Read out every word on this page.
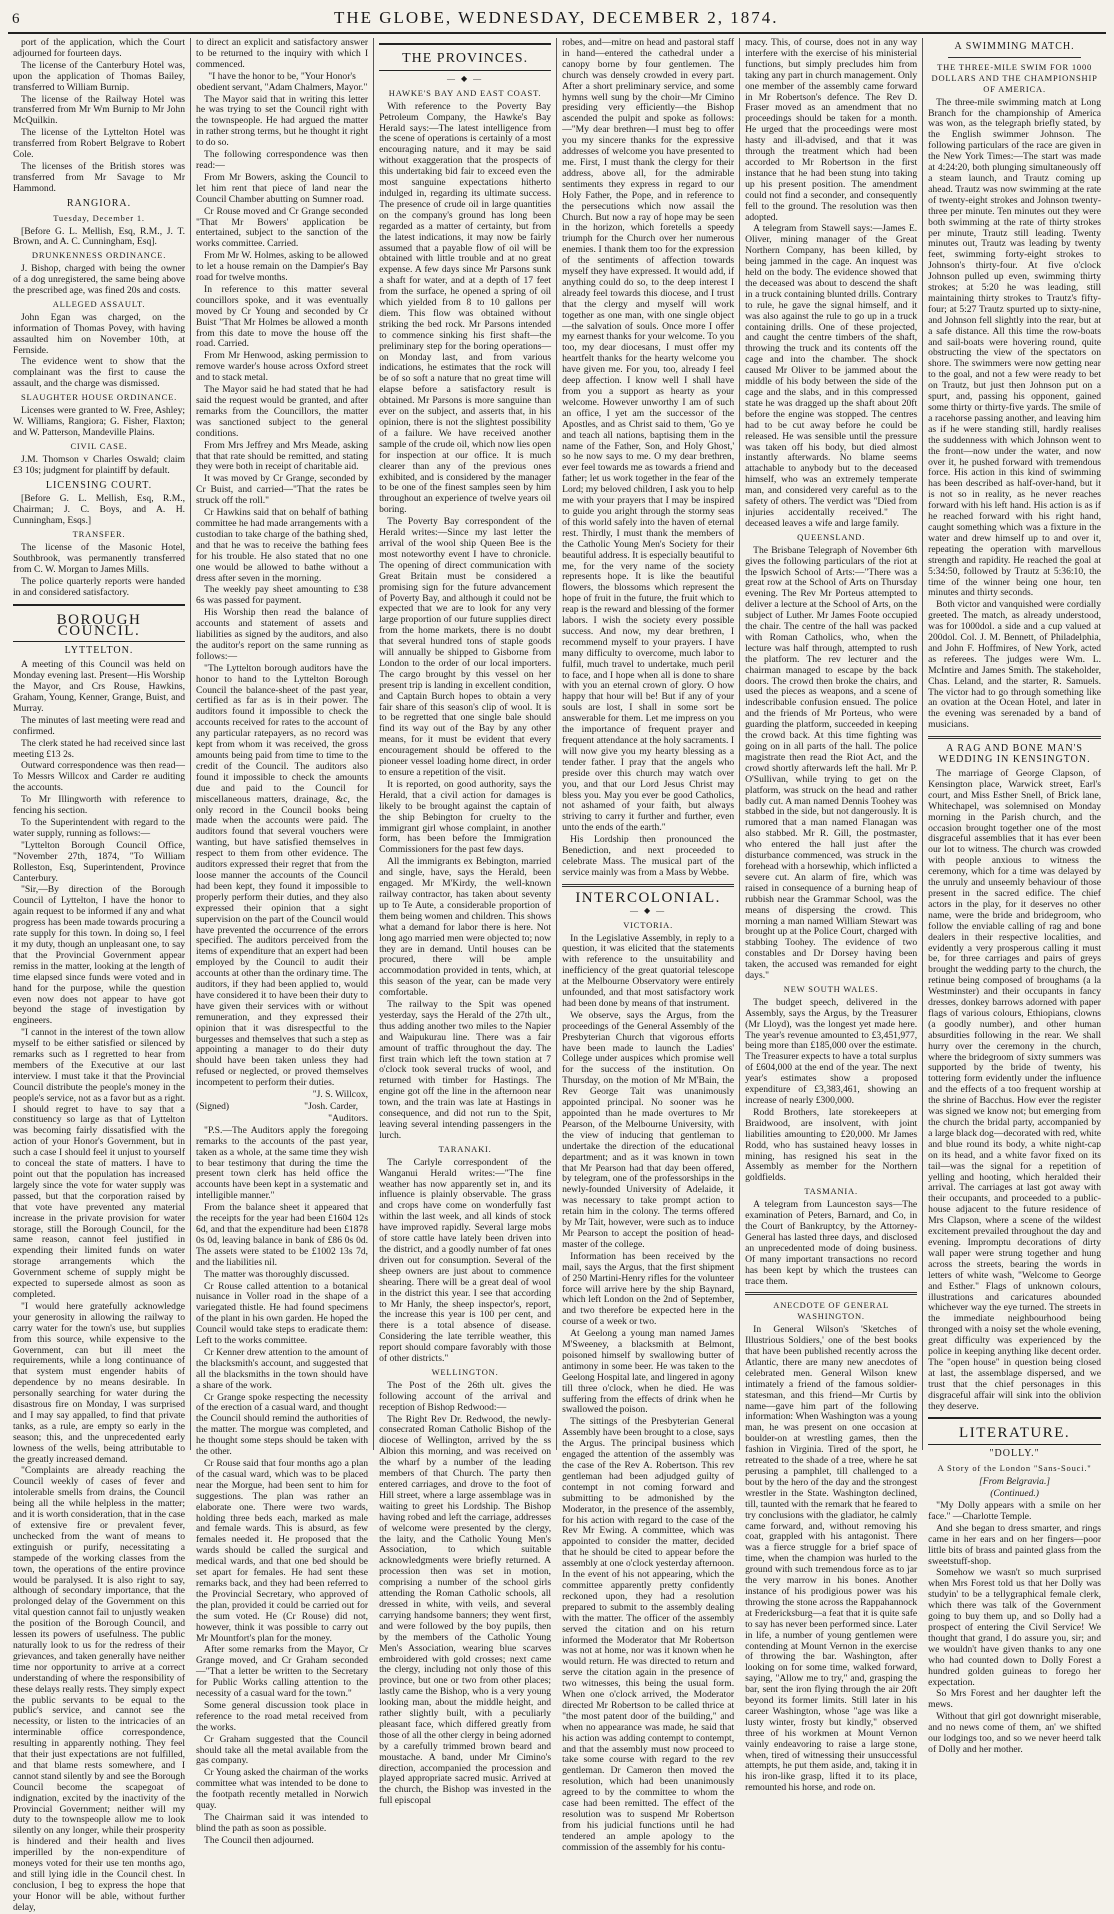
6	THE GLOBE, WEDNESDAY, DECEMBER 2, 1874.

port of the application, which the Court adjourned for fourteen days.

The license of the Canterbury Hotel was, upon the application of Thomas Bailey, transferred to William Burnip.

The license of the Railway Hotel was transferred from Mr Wm Burnip to Mr John McQuilkin.

The license of the Lyttelton Hotel was transferred from Robert Belgrave to Robert Cole.

The licenses of the British stores was transferred from Mr Savage to Mr Hammond.

RANGIORA.
Tuesday, December 1.

[Before G. L. Mellish, Esq, R.M., J. T. Brown, and A. C. Cunningham, Esq].

DRUNKENNESS ORDINANCE.

J. Bishop, charged with being the owner of a dog unregistered, the same being above the prescribed age, was fined 20s and costs.

ALLEGED ASSAULT.

John Egan was charged, on the information of Thomas Povey, with having assaulted him on November 10th, at Fernside.

The evidence went to show that the complainant was the first to cause the assault, and the charge was dismissed.

SLAUGHTER HOUSE ORDINANCE.

Licenses were granted to W. Free, Ashley; W. Williams, Rangiora; G. Fisher, Flaxton; and W. Patterson, Mandeville Plains.

CIVIL CASE.

J.M. Thomson v Charles Oswald; claim £3 10s; judgment for plaintiff by default.

LICENSING COURT.

[Before G. L. Mellish, Esq, R.M., Chairman; J. C. Boys, and A. H. Cunningham, Esqs.]

TRANSFER.

The license of the Masonic Hotel, Southbrook, was permanently transferred from C. W. Morgan to James Mills.

The police quarterly reports were handed in and considered satisfactory.

BOROUGH COUNCIL.
LYTTELTON.

A meeting of this Council was held on Monday evening last. Present—His Worship the Mayor, and Crs Rouse, Hawkins, Graham, Young, Kenner, Grange, Buist, and Murray.

The minutes of last meeting were read and confirmed.

The clerk stated he had received since last meeting £13 2s.

Outward correspondence was then read—To Messrs Willcox and Carder re auditing the accounts.

To Mr Illingworth with reference to fencing his section.

To the Superintendent with regard to the water supply, running as follows:—

"Lyttelton Borough Council Office, "November 27th, 1874, "To William Rolleston, Esq, Superintendent, Province Canterbury.

"Sir,—By direction of the Borough Council of Lyttelton, I have the honor to again request to be informed if any and what progress has been made towards procuring a rate supply for this town. In doing so, I feel it my duty, though an unpleasant one, to say that the Provincial Government appear remiss in the matter, looking at the length of time elapsed since funds were voted and in hand for the purpose, while the question even now does not appear to have got beyond the stage of investigation by engineers.

"I cannot in the interest of the town allow myself to be either satisfied or silenced by remarks such as I regretted to hear from members of the Executive at our last interview. I must take it that the Provincial Council distribute the people's money in the people's service, not as a favor but as a right. I should regret to have to say that a constituency so large as that of Lyttelton was becoming fairly dissatisfied with the action of your Honor's Government, but in such a case I should feel it unjust to yourself to conceal the state of matters. I have to point out that the population has increased largely since the vote for water supply was passed, but that the corporation raised by that vote have prevented any material increase in the private provision for water storage, still the Borough Council, for the same reason, cannot feel justified in expending their limited funds on water storage arrangements which the Government scheme of supply might be expected to supersede almost as soon as completed.

"I would here gratefully acknowledge your generosity in allowing the railway to carry water for the town's use, but supplies from this source, while expensive to the Government, can but ill meet the requirements, while a long continuance of that system must engender habits of dependence by no means desirable. In personally searching for water during the disastrous fire on Monday, I was surprised and I may say appalled, to find that private tanks, as a rule, are empty so early in the season; this, and the unprecedented early lowness of the wells, being attributable to the greatly increased demand.

"Complaints are already reaching the Council weekly of cases of fever and intolerable smells from drains, the Council being all the while helpless in the matter; and it is worth consideration, that in the case of extensive fire or prevalent fever, unchecked from the want of means to extinguish or purify, necessitating a stampede of the working classes from the town, the operations of the entire province would be paralysed. It is also right to say, although of secondary importance, that the prolonged delay of the Government on this vital question cannot fail to unjustly weaken the position of the Borough Council, and lessen its powers of usefulness. The public naturally look to us for the redress of their grievances, and taken generally have neither time nor opportunity to arrive at a correct understanding of where the responsibility of these delays really rests. They simply expect the public servants to be equal to the public's service, and cannot see the necessity, or listen to the intricacies of an interminable office correspondence, resulting in apparently nothing. They feel that their just expectations are not fulfilled, and that blame rests somewhere, and I cannot stand silently by and see the Borough Council become the scapegoat of indignation, excited by the inactivity of the Provincial Government; neither will my duty to the townspeople allow me to look silently on any longer, while their prosperity is hindered and their health and lives imperilled by the non-expenditure of moneys voted for their use ten months ago, and still lying idle in the Council chest. In conclusion, I beg to express the hope that your Honor will be able, without further delay,

to direct an explicit and satisfactory answer to be returned to the inquiry with which I commenced.

"I have the honor to be, "Your Honor's obedient servant, "Adam Chalmers, Mayor."

The Mayor said that in writing this letter he was trying to set the Council right with the townspeople. He had argued the matter in rather strong terms, but he thought it right to do so.

The following correspondence was then read:—

From Mr Bowers, asking the Council to let him rent that piece of land near the Council Chamber abutting on Sumner road.

Cr Rouse moved and Cr Grange seconded "That Mr Bowers' application be entertained, subject to the sanction of the works committee. Carried.

From Mr W. Holmes, asking to be allowed to let a house remain on the Dampier's Bay road for twelve months.

In reference to this matter several councillors spoke, and it was eventually moved by Cr Young and seconded by Cr Buist "That Mr Holmes be allowed a month from this date to move the house off the road. Carried.

From Mr Henwood, asking permission to remove warder's house across Oxford street and to stack metal.

The Mayor said he had stated that he had said the request would be granted, and after remarks from the Councillors, the matter was sanctioned subject to the general conditions.

From Mrs Jeffrey and Mrs Meade, asking that that rate should be remitted, and stating they were both in receipt of charitable aid.

It was moved by Cr Grange, seconded by Cr Buist, and carried—"That the rates be struck off the roll."

Cr Hawkins said that on behalf of bathing committee he had made arrangements with a custodian to take charge of the bathing shed, and that he was to receive the bathing fees for his trouble. He also stated that no one one would be allowed to bathe without a dress after seven in the morning.

The weekly pay sheet amounting to £38 6s was passed for payment.

His Worship then read the balance of accounts and statement of assets and liabilities as signed by the auditors, and also the auditor's report on the same running as follows:—

"The Lyttelton borough auditors have the honor to hand to the Lyttelton Borough Council the balance-sheet of the past year, certified as far as is in their power. The auditors found it impossible to check the accounts received for rates to the account of any particular ratepayers, as no record was kept from whom it was received, the gross amounts being paid from time to time to the credit of the Council. The auditors also found it impossible to check the amounts due and paid to the Council for miscellaneous matters, drainage, &c, the only record in the Council books being made when the accounts were paid. The auditors found that several vouchers were wanting, but have satisfied themselves in respect to them from other evidence. The auditors expressed their regret that from the loose manner the accounts of the Council had been kept, they found it impossible to properly perform their duties, and they also expressed their opinion that a sight supervision on the part of the Council would have prevented the occurrence of the errors specified. The auditors perceived from the items of expenditure that an expert had been employed by the Council to audit their accounts at other than the ordinary time. The auditors, if they had been applied to, would have considered it to have been their duty to have given their services with or without remuneration, and they expressed their opinion that it was disrespectful to the burgesses and themselves that such a step as appointing a manager to do their duty should have been taken unless they had refused or neglected, or proved themselves incompetent to perform their duties.

"J. S. Willcox,

(Signed)	"Josh. Carder,

"Auditors.

"P.S.—The Auditors apply the foregoing remarks to the accounts of the past year, taken as a whole, at the same time they wish to bear testimony that during the time the present town clerk has held office the accounts have been kept in a systematic and intelligible manner."

From the balance sheet it appeared that the receipts for the year had been £1604 12s 6d, and that the expenditure had been £1878 0s 0d, leaving balance in bank of £86 0s 0d. The assets were stated to be £1002 13s 7d, and the liabilities nil.

The matter was thoroughly discussed.

Cr Rouse called attention to a botanical nuisance in Voller road in the shape of a variegated thistle. He had found specimens of the plant in his own garden. He hoped the Council would take steps to eradicate them: Left to the works committee.

Cr Kenner drew attention to the amount of the blacksmith's account, and suggested that all the blacksmiths in the town should have a share of the work.

Cr Grange spoke respecting the necessity of the erection of a casual ward, and thought the Council should remind the authorities of the matter. The morgue was completed, and he thought some steps should be taken with the other.

Cr Rouse said that four months ago a plan of the casual ward, which was to be placed near the Morgue, had been sent to him for suggestions. The plan was rather an elaborate one. There were two wards, holding three beds each, marked as male and female wards. This is absurd, as few females needed it. He proposed that the wards should be called the surgical and medical wards, and that one bed should be set apart for females. He had sent these remarks back, and they had been referred to the Provincial Secretary, who approved of the plan, provided it could be carried out for the sum voted. He (Cr Rouse) did not, however, think it was possible to carry out Mr Mountfort's plan for the money.

After some remarks from the Mayor, Cr Grange moved, and Cr Graham seconded—"That a letter be written to the Secretary for Public Works calling attention to the necessity of a casual ward for the town."

Some general discussion took place in reference to the road metal received from the works.

Cr Graham suggested that the Council should take all the metal available from the gas company.

Cr Young asked the chairman of the works committee what was intended to be done to the footpath recently metalled in Norwich quay.

The Chairman said it was intended to blind the path as soon as possible.

The Council then adjourned.

THE PROVINCES.
— ◆ —
HAWKE'S BAY AND EAST COAST.

With reference to the Poverty Bay Petroleum Company, the Hawke's Bay Herald says:—The latest intelligence from the scene of operations is certainly of a most encouraging nature, and it may be said without exaggeration that the prospects of this undertaking bid fair to exceed even the most sanguine expectations hitherto indulged in, regarding its ultimate success. The presence of crude oil in large quantities on the company's ground has long been regarded as a matter of certainty, but from the latest indications, it may now be fairly assumed that a payable flow of oil will be obtained with little trouble and at no great expense. A few days since Mr Parsons sunk a shaft for water, and at a depth of 17 feet from the surface, he opened a spring of oil which yielded from 8 to 10 gallons per diem. This flow was obtained without striking the bed rock. Mr Parsons intended to commence sinking his first shaft—the preliminary step for the boring operations—on Monday last, and from various indications, he estimates that the rock will be of so soft a nature that no great time will elapse before a satisfactory result is obtained. Mr Parsons is more sanguine than ever on the subject, and asserts that, in his opinion, there is not the slightest possibility of a failure. We have received another sample of the crude oil, which now lies open for inspection at our office. It is much clearer than any of the previous ones exhibited, and is considered by the manager to be one of the finest samples seen by him throughout an experience of twelve years oil boring.

The Poverty Bay correspondent of the Herald writes:—Since my last letter the arrival of the wool ship Queen Bee is the most noteworthy event I have to chronicle. The opening of direct communication with Great Britain must be considered a promising sign for the future advancement of Poverty Bay, and although it could not be expected that we are to look for any very large proportion of our future supplies direct from the home markets, there is no doubt that several hundred tons of staple goods will annually be shipped to Gisborne from London to the order of our local importers. The cargo brought by this vessel on her present trip is landing in excellent condition, and Captain Burch hopes to obtain a very fair share of this season's clip of wool. It is to be regretted that one single bale should find its way out of the Bay by any other means, for it must be evident that every encouragement should be offered to the pioneer vessel loading home direct, in order to ensure a repetition of the visit.

It is reported, on good authority, says the Herald, that a civil action for damages is likely to be brought against the captain of the ship Bebington for cruelty to the immigrant girl whose complaint, in another form, has been before the Immigration Commissioners for the past few days.

All the immigrants ex Bebington, married and single, have, says the Herald, been engaged. Mr M'Kirdy, the well-known railway contractor, has taken about seventy up to Te Aute, a considerable proportion of them being women and children. This shows what a demand for labor there is here. Not long ago married men were objected to; now they are in demand. Until houses can be procured, there will be ample accommodation provided in tents, which, at this season of the year, can be made very comfortable.

The railway to the Spit was opened yesterday, says the Herald of the 27th ult., thus adding another two miles to the Napier and Waipukurau line. There was a fair amount of traffic throughout the day. The first train which left the town station at 7 o'clock took several trucks of wool, and returned with timber for Hastings. The engine got off the line in the afternoon near town, and the train was late at Hastings in consequence, and did not run to the Spit, leaving several intending passengers in the lurch.

TARANAKI.

The Carlyle correspondent of the Wanganui Herald writes:—"The fine weather has now apparently set in, and its influence is plainly observable. The grass and crops have come on wonderfully fast within the last week, and all kinds of stock have improved rapidly. Several large mobs of store cattle have lately been driven into the district, and a goodly number of fat ones driven out for consumption. Several of the sheep owners are just about to commence shearing. There will be a great deal of wool in the district this year. I see that according to Mr Hanly, the sheep inspector's, report, the increase this year is 100 per cent, and there is a total absence of disease. Considering the late terrible weather, this report should compare favorably with those of other districts."

WELLINGTON.

The Post of the 26th ult. gives the following account of the arrival and reception of Bishop Redwood:—

The Right Rev Dr. Redwood, the newly-consecrated Roman Catholic Bishop of the diocese of Wellington, arrived by the ss Albion this morning, and was received on the wharf by a number of the leading members of that Church. The party then entered carriages, and drove to the foot of Hill street, where a large assemblage was in waiting to greet his Lordship. The Bishop having robed and left the carriage, addresses of welcome were presented by the clergy, the laity, and the Catholic Young Men's Association, to which suitable acknowledgments were briefly returned. A procession then was set in motion, comprising a number of the school girls attending the Roman Catholic schools, all dressed in white, with veils, and several carrying handsome banners; they went first, and were followed by the boy pupils, then by the members of the Catholic Young Men's Association, wearing blue scarves embroidered with gold crosses; next came the clergy, including not only those of this province, but one or two from other places; lastly came the Bishop, who is a very young looking man, about the middle height, and rather slightly built, with a peculiarly pleasant face, which differed greatly from those of all the other clergy in being adorned by a carefully trimmed brown beard and moustache. A band, under Mr Cimino's direction, accompanied the procession and played appropriate sacred music. Arrived at the church, the Bishop was invested in the full episcopal

robes, and—mitre on head and pastoral staff in hand—entered the cathedral under a canopy borne by four gentlemen. The church was densely crowded in every part. After a short preliminary service, and some hymns well sung by the choir—Mr Cimino presiding very efficiently—the Bishop ascended the pulpit and spoke as follows:—"My dear brethren—I must beg to offer you my sincere thanks for the expressive addresses of welcome you have presented to me. First, I must thank the clergy for their address, above all, for the admirable sentiments they express in regard to our Holy Father, the Pope, and in reference to the persecutions which now assail the Church. But now a ray of hope may be seen in the horizon, which foretells a speedy triumph for the Church over her numerous enemies. I thank them too for the expression of the sentiments of affection towards myself they have expressed. It would add, if anything could do so, to the deep interest I already feel towards this diocese, and I trust that the clergy and myself will work together as one man, with one single object—the salvation of souls. Once more I offer my earnest thanks for your welcome. To you too, my dear diocesans, I must offer my heartfelt thanks for the hearty welcome you have given me. For you, too, already I feel deep affection. I know well I shall have from you a support as hearty as your welcome. However unworthy I am of such an office, I yet am the successor of the Apostles, and as Christ said to them, 'Go ye and teach all nations, baptising them in the name of the Father, Son, and Holy Ghost,' so he now says to me. O my dear brethren, ever feel towards me as towards a friend and father; let us work together in the fear of the Lord; my beloved children, I ask you to help me with your prayers that I may be inspired to guide you aright through the stormy seas of this world safely into the haven of eternal rest. Thirdly, I must thank the members of the Catholic Young Men's Society for their beautiful address. It is especially beautiful to me, for the very name of the society represents hope. It is like the beautiful flowers, the blossoms which represent the hope of fruit in the future, the fruit which to reap is the reward and blessing of the former labors. I wish the society every possible success. And now, my dear brethren, I recommend myself to your prayers. I have many difficulty to overcome, much labor to fulfil, much travel to undertake, much peril to face, and I hope when all is done to share with you an eternal crown of glory. O how happy that hour will be! But if any of your souls are lost, I shall in some sort be answerable for them. Let me impress on you the importance of frequent prayer and frequent attendance at the holy sacraments. I will now give you my hearty blessing as a tender father. I pray that the angels who preside over this church may watch over you, and that our Lord Jesus Christ may bless you. May you ever be good Catholics, not ashamed of your faith, but always striving to carry it further and further, even unto the ends of the earth."

His Lordship then pronounced the Benediction, and next proceeded to celebrate Mass. The musical part of the service mainly was from a Mass by Webbe.

INTERCOLONIAL.
— ◆ —
VICTORIA.

In the Legislative Assembly, in reply to a question, it was elicited that the statements with reference to the unsuitability and inefficiency of the great quatorial telescope at the Melbourne Observatory were entirely unfounded, and that most satisfactory work had been done by means of that instrument.

We observe, says the Argus, from the proceedings of the General Assembly of the Presbyterian Church that vigorous efforts have been made to launch the Ladies' College under auspices which promise well for the success of the institution. On Thursday, on the motion of Mr M'Bain, the Rev George Tait was unanimously appointed principal. No sooner was he appointed than he made overtures to Mr Pearson, of the Melbourne University, with the view of inducing that gentleman to undertake the direction of the educational department; and as it was known in town that Mr Pearson had that day been offered, by telegram, one of the professorships in the newly-founded University of Adelaide, it was necessary to take prompt action to retain him in the colony. The terms offered by Mr Tait, however, were such as to induce Mr Pearson to accept the position of head-master of the college.

Information has been received by the mail, says the Argus, that the first shipment of 250 Martini-Henry rifles for the volunteer force will arrive here by the ship Baynard, which left London on the 2nd of September, and two therefore be expected here in the course of a week or two.

At Geelong a young man named James M'Sweeney, a blacksmith at Belmont, poisoned himself by swallowing butter of antimony in some beer. He was taken to the Geelong Hospital late, and lingered in agony till three o'clock, when he died. He was suffering from the effects of drink when he swallowed the poison.

The sittings of the Presbyterian General Assembly have been brought to a close, says the Argus. The principal business which engaged the attention of the assembly was the case of the Rev A. Robertson. This rev gentleman had been adjudged guilty of contempt in not coming forward and submitting to be admonished by the Moderator, in the presence of the assembly, for his action with regard to the case of the Rev Mr Ewing. A committee, which was appointed to consider the matter, decided that he should be cited to appear before the assembly at one o'clock yesterday afternoon. In the event of his not appearing, which the committee apparently pretty confidently reckoned upon, they had a resolution prepared to submit to the assembly dealing with the matter. The officer of the assembly served the citation and on his return informed the Moderator that Mr Robertson was not at home, nor was it known when he would return. He was directed to return and serve the citation again in the presence of two witnesses, this being the usual form. When one o'clock arrived, the Moderator directed Mr Robertson to be called thrice at "the most patent door of the building," and when no appearance was made, he said that his action was adding contempt to contempt, and that the assembly must now proceed to take some course with regard to the rev gentleman. Dr Cameron then moved the resolution, which had been unanimously agreed to by the committee to whom the case had been remitted. The effect of the resolution was to suspend Mr Robertson from his judicial functions until he had tendered an ample apology to the commission of the assembly for his contu-

macy. This, of course, does not in any way interfere with the exercise of his ministerial functions, but simply precludes him from taking any part in church management. Only one member of the assembly came forward in Mr Robertson's defence. The Rev D. Fraser moved as an amendment that no proceedings should be taken for a month. He urged that the proceedings were most hasty and ill-advised, and that it was through the treatment which had been accorded to Mr Robertson in the first instance that he had been stung into taking up his present position. The amendment could not find a seconder, and consequently fell to the ground. The resolution was then adopted.

A telegram from Stawell says:—James E. Oliver, mining manager of the Great Northern Company, has been killed, by being jammed in the cage. An inquest was held on the body. The evidence showed that the deceased was about to descend the shaft in a truck containing blunted drills. Contrary to rule, he gave the signal himself, and it was also against the rule to go up in a truck containing drills. One of these projected, and caught the centre timbers of the shaft, throwing the truck and its contents off the cage and into the chamber. The shock caused Mr Oliver to be jammed about the middle of his body between the side of the cage and the slabs, and in this compressed state he was dragged up the shaft about 20ft before the engine was stopped. The centres had to be cut away before he could be released. He was sensible until the pressure was taken off his body, but died almost instantly afterwards. No blame seems attachable to anybody but to the deceased himself, who was an extremely temperate man, and considered very careful as to the safety of others. The verdict was "Died from injuries accidentally received." The deceased leaves a wife and large family.

QUEENSLAND.

The Brisbane Telegraph of November 6th gives the following particulars of the riot at the Ipswich School of Arts:—"There was a great row at the School of Arts on Thursday evening. The Rev Mr Porteus attempted to deliver a lecture at the School of Arts, on the subject of Luther. Mr James Foote occupied the chair. The centre of the hall was packed with Roman Catholics, who, when the lecture was half through, attempted to rush the platform. The rev lecturer and the chairman managed to escape by the back doors. The crowd then broke the chairs, and used the pieces as weapons, and a scene of indescribable confusion ensued. The police and the friends of Mr Porteus, who were guarding the platform, succeeded in keeping the crowd back. At this time fighting was going on in all parts of the hall. The police magistrate then read the Riot Act, and the crowd shortly afterwards left the hall. Mr P. O'Sullivan, while trying to get on the platform, was struck on the head and rather badly cut. A man named Dennis Toohey was stabbed in the side, but not dangerously. It is rumored that a man named Flanagan was also stabbed. Mr R. Gill, the postmaster, who entered the hall just after the disturbance commenced, was struck in the forehead with a horsewhip, which inflicted a severe cut. An alarm of fire, which was raised in consequence of a burning heap of rubbish near the Grammar School, was the means of dispersing the crowd. This morning a man named William Stewart was brought up at the Police Court, charged with stabbing Toohey. The evidence of two constables and Dr Dorsey having been taken, the accused was remanded for eight days."

NEW SOUTH WALES.

The budget speech, delivered in the Assembly, says the Argus, by the Treasurer (Mr Lloyd), was the longest yet made here. The year's revenue amounted to £3,451,977, being more than £185,000 over the estimate. The Treasurer expects to have a total surplus of £604,000 at the end of the year. The next year's estimates show a proposed expenditure of £3,383,461, showing an increase of nearly £300,000.

Rodd Brothers, late storekeepers at Braidwood, are insolvent, with joint liabilities amounting to £20,000. Mr James Rodd, who has sustained heavy losses in mining, has resigned his seat in the Assembly as member for the Northern goldfields.

TASMANIA.

A telegram from Launceston says—The examination of Peters, Barnard, and Co, in the Court of Bankruptcy, by the Attorney-General has lasted three days, and disclosed an unprecedented mode of doing business. Of many important transactions no record has been kept by which the trustees can trace them.

ANECDOTE OF GENERAL WASHINGTON.

In General Wilson's 'Sketches of Illustrious Soldiers,' one of the best books that have been published recently across the Atlantic, there are many new anecdotes of celebrated men. General Wilson knew intimately a friend of the famous soldier-statesman, and this friend—Mr Curtis by name—gave him part of the following information: When Washington was a young man, he was present on one occasion at boulder-on at wrestling games, then the fashion in Virginia. Tired of the sport, he retreated to the shade of a tree, where he sat perusing a pamphlet, till challenged to a bout by the hero of the day and the strongest wrestler in the State. Washington declined, till, taunted with the remark that he feared to try conclusions with the gladiator, he calmly came forward, and, without removing his coat, grappled with his antagonist. There was a fierce struggle for a brief space of time, when the champion was hurled to the ground with such tremendous force as to jar the very marrow in his bones. Another instance of his prodigious power was his throwing the stone across the Rappahannock at Fredericksburg—a feat that it is quite safe to say has never been performed since. Later in life, a number of young gentlemen were contending at Mount Vernon in the exercise of throwing the bar. Washington, after looking on for some time, walked forward, saying, "Allow me to try," and, grasping the bar, sent the iron flying through the air 20ft beyond its former limits. Still later in his career Washington, whose "age was like a lusty winter, frosty but kindly," observed three of his workmen at Mount Vernon vainly endeavoring to raise a large stone, when, tired of witnessing their unsuccessful attempts, he put them aside, and, taking it in his iron-like grasp, lifted it to its place, remounted his horse, and rode on.

A SWIMMING MATCH.
THE THREE-MILE SWIM FOR 1000 DOLLARS AND THE CHAMPIONSHIP OF AMERICA.

The three-mile swimming match at Long Branch for the championship of America was won, as the telegraph briefly stated, by the English swimmer Johnson. The following particulars of the race are given in the New York Times:—The start was made at 4:24:20, both plunging simultaneously off a steam launch, and Trautz coming up ahead. Trautz was now swimming at the rate of twenty-eight strokes and Johnson twenty-three per minute. Ten minutes out they were both swimming at the rate of thirty strokes per minute, Trautz still leading. Twenty minutes out, Trautz was leading by twenty feet, swimming forty-eight strokes to Johnson's thirty-four. At five o'clock Johnson pulled up even, swimming thirty strokes; at 5:20 he was leading, still maintaining thirty strokes to Trautz's fifty-four; at 5:27 Trautz spurted up to sixty-nine, and Johnson fell slightly into the rear, but at a safe distance. All this time the row-boats and sail-boats were hovering round, quite obstructing the view of the spectators on shore. The swimmers were now getting near to the goal, and not a few were ready to bet on Trautz, but just then Johnson put on a spurt, and, passing his opponent, gained some thirty or thirty-five yards. The smile of a racehorse passing another, and leaving him as if he were standing still, hardly realises the suddenness with which Johnson went to the front—now under the water, and now over it, he pushed forward with tremendous force. His action in this kind of swimming has been described as half-over-hand, but it is not so in reality, as he never reaches forward with his left hand. His action is as if he reached forward with his right hand, caught something which was a fixture in the water and drew himself up to and over it, repeating the operation with marvellous strength and rapidity. He reached the goal at 5:34:50, followed by Trautz at 5:36:10, the time of the winner being one hour, ten minutes and thirty seconds.

Both victor and vanquished were cordially greeted. The match, as already understood, was for 1000dol. a side and a cup valued at 200dol. Col. J. M. Bennett, of Philadelphia, and John F. Hoffmires, of New York, acted as referees. The judges were Wm. L. McIntire and James Smith. The stakeholder, Chas. Leland, and the starter, R. Samuels. The victor had to go through something like an ovation at the Ocean Hotel, and later in the evening was serenaded by a band of musicians.

A RAG AND BONE MAN'S WEDDING IN KENSINGTON.

The marriage of George Clapson, of Kensington place, Warwick street, Earl's court, and Miss Esther Snell, of Brick lane, Whitechapel, was solemnised on Monday morning in the Parish church, and the occasion brought together one of the most disgraceful assemblies that it has ever been our lot to witness. The church was crowded with people anxious to witness the ceremony, which for a time was delayed by the unruly and unseemly behaviour of those present in the sacred edifice. The chief actors in the play, for it deserves no other name, were the bride and bridegroom, who follow the enviable calling of rag and bone dealers in their respective localities, and evidently a very prosperous calling it must be, for three carriages and pairs of greys brought the wedding party to the church, the retinue being composed of broughams (a la Westminster) and their occupants in fancy dresses, donkey barrows adorned with paper flags of various colours, Ethiopians, clowns (a goodly number), and other human absurdities following in the rear. We shall hurry over the ceremony in the church, where the bridegroom of sixty summers was supported by the bride of twenty, his tottering form evidently under the influence and the effects of a too frequent worship at the shrine of Bacchus. How ever the register was signed we know not; but emerging from the church the bridal party, accompanied by a large black dog—decorated with red, white and blue round its body, a white night-cap on its head, and a white favor fixed on its tail—was the signal for a repetition of yelling and hooting, which heralded their arrival. The carriages at last got away with their occupants, and proceeded to a public-house adjacent to the future residence of Mrs Clapson, where a scene of the wildest excitement prevailed throughout the day and evening. Impromptu decorations of dirty wall paper were strung together and hung across the streets, bearing the words in letters of white wash, "Welcome to George and Esther." Flags of unknown colours, illustrations and caricatures abounded whichever way the eye turned. The streets in the immediate neighbourhood being thronged with a noisy set the whole evening, great difficulty was experienced by the police in keeping anything like decent order. The "open house" in question being closed at last, the assemblage dispersed, and we trust that the chief personages in this disgraceful affair will sink into the oblivion they deserve.

LITERATURE.
"DOLLY."
A Story of the London "Sans-Souci."

[From Belgravia.]

(Continued.)

"My Dolly appears with a smile on her face." —Charlotte Temple.

And she began to dress smarter, and rings came in her ears and on her fingers—poor little bits of brass and painted glass from the sweetstuff-shop.

Somehow we wasn't so much surprised when Mrs Forest told us that her Dolly was studyin' to be a tellygraphical female clerk, which there was talk of the Government going to buy them up, and so Dolly had a prospect of entering the Civil Service! We thought that grand, I do assure you, sir; and we wouldn't have given thanks to any one who had counted down to Dolly Forest a hundred golden guineas to forego her expectation.

So Mrs Forest and her daughter left the mews.

Without that girl got downright miserable, and no news come of them, an' we shifted our lodgings too, and so we never heerd talk of Dolly and her mother.
